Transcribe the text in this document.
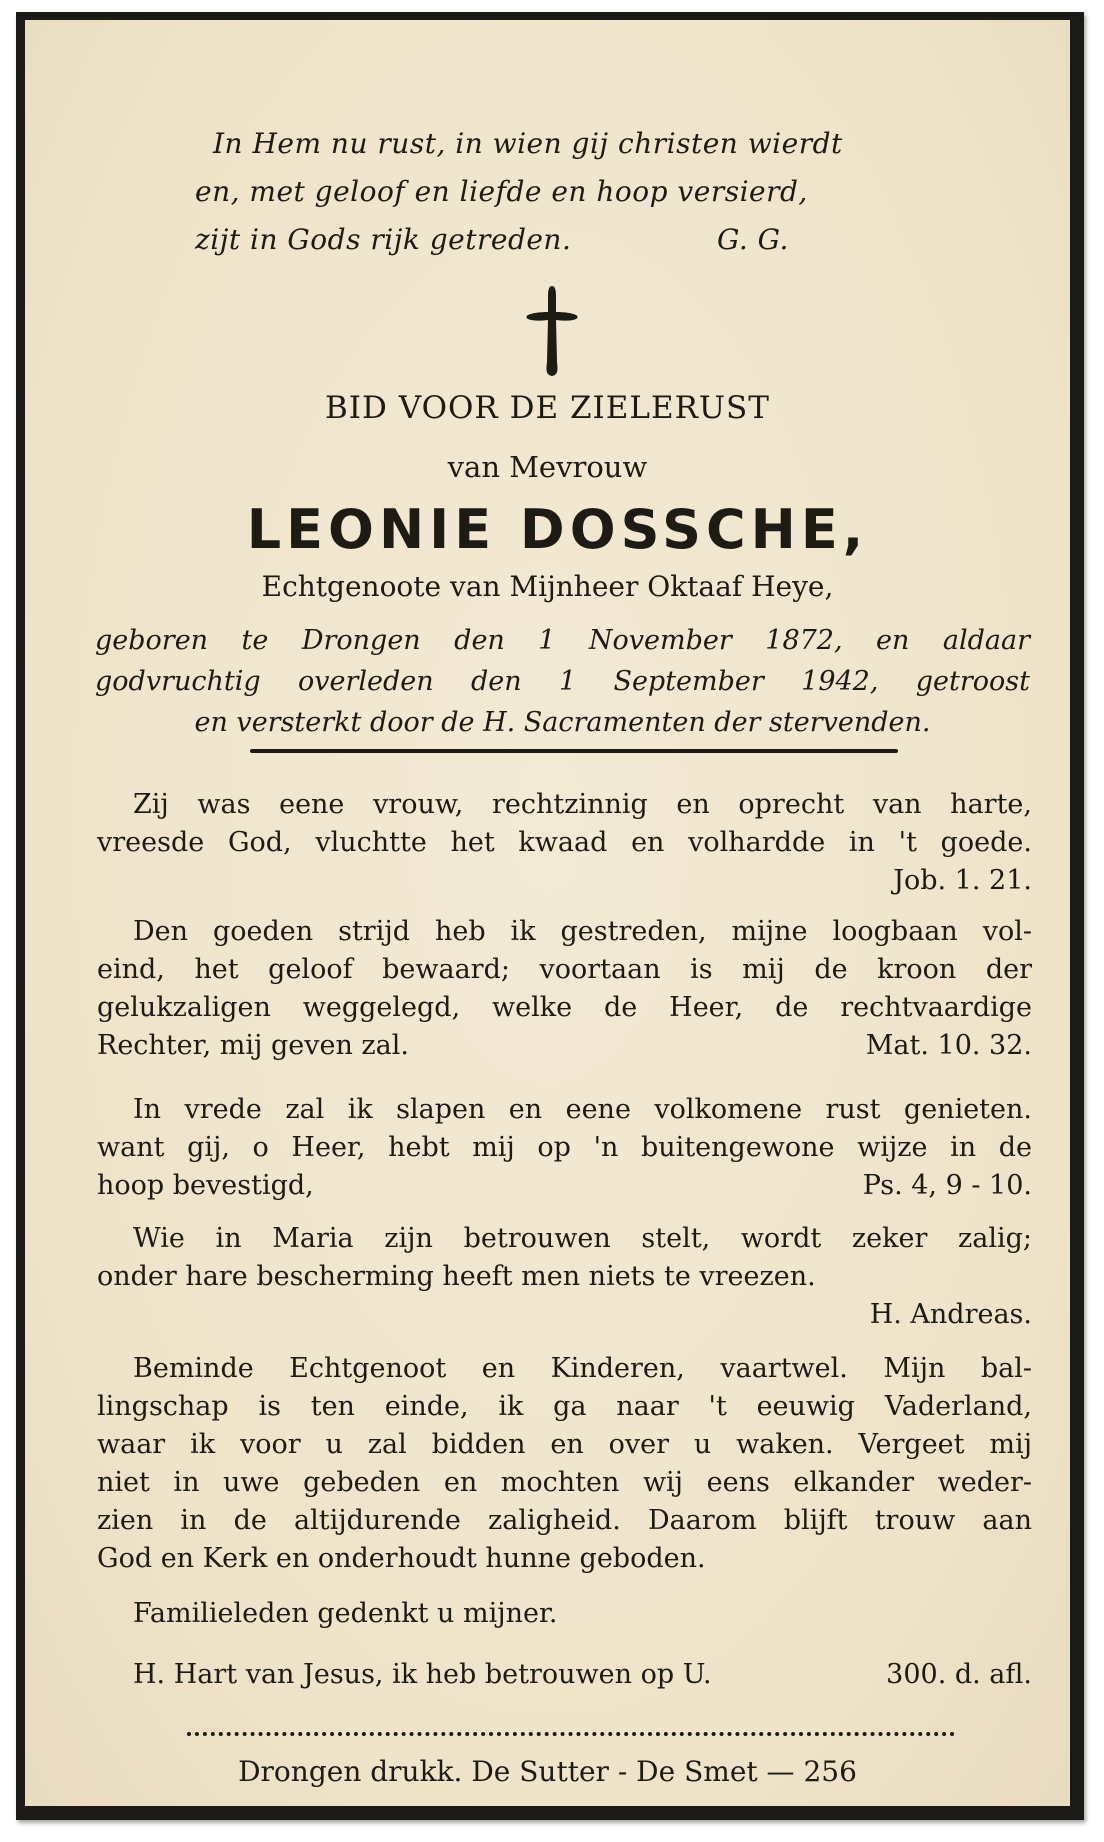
In Hem nu rust, in wien gij christen wierdt
en, met geloof en liefde en hoop versierd,
zijt in Gods rijk getreden.	G. G.
BID VOOR DE ZIELERUST
van Mevrouw
LEONIE DOSSCHE,
Echtgenoote van Mijnheer Oktaaf Heye,
geboren te Drongen den 1 November 1872, en aldaar
godvruchtig overleden den 1 September 1942, getroost
en versterkt door de H. Sacramenten der stervenden.
Zij was eene vrouw, rechtzinnig en oprecht van harte,
vreesde God, vluchtte het kwaad en volhardde in 't goede.
Job. 1. 21.
Den goeden strijd heb ik gestreden, mijne loogbaan vol-
eind, het geloof bewaard; voortaan is mij de kroon der
gelukzaligen weggelegd, welke de Heer, de rechtvaardige
Rechter, mij geven zal.	Mat. 10. 32.
In vrede zal ik slapen en eene volkomene rust genieten.
want gij, o Heer, hebt mij op 'n buitengewone wijze in de
hoop bevestigd,	Ps. 4, 9 - 10.
Wie in Maria zijn betrouwen stelt, wordt zeker zalig;
onder hare bescherming heeft men niets te vreezen.
H. Andreas.
Beminde Echtgenoot en Kinderen, vaartwel. Mijn bal-
lingschap is ten einde, ik ga naar 't eeuwig Vaderland,
waar ik voor u zal bidden en over u waken. Vergeet mij
niet in uwe gebeden en mochten wij eens elkander weder-
zien in de altijdurende zaligheid. Daarom blijft trouw aan
God en Kerk en onderhoudt hunne geboden.
Familieleden gedenkt u mijner.
H. Hart van Jesus, ik heb betrouwen op U.	300. d. afl.
Drongen drukk. De Sutter - De Smet — 256
